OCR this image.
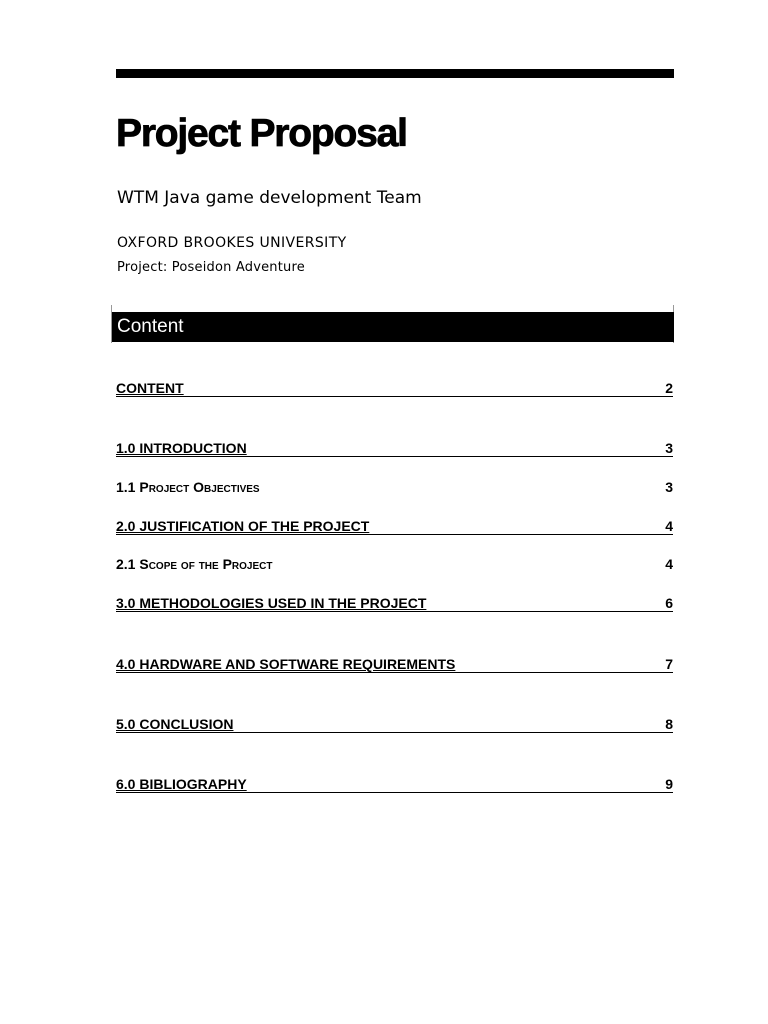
Project Proposal
WTM Java game development Team
OXFORD BROOKES UNIVERSITY
Project: Poseidon Adventure
Content
CONTENT	2
1.0 INTRODUCTION	3
1.1 Project Objectives	3
2.0 JUSTIFICATION OF THE PROJECT	4
2.1 Scope of the Project	4
3.0 METHODOLOGIES USED IN THE PROJECT	6
4.0 HARDWARE AND SOFTWARE REQUIREMENTS	7
5.0 CONCLUSION	8
6.0 BIBLIOGRAPHY	9
